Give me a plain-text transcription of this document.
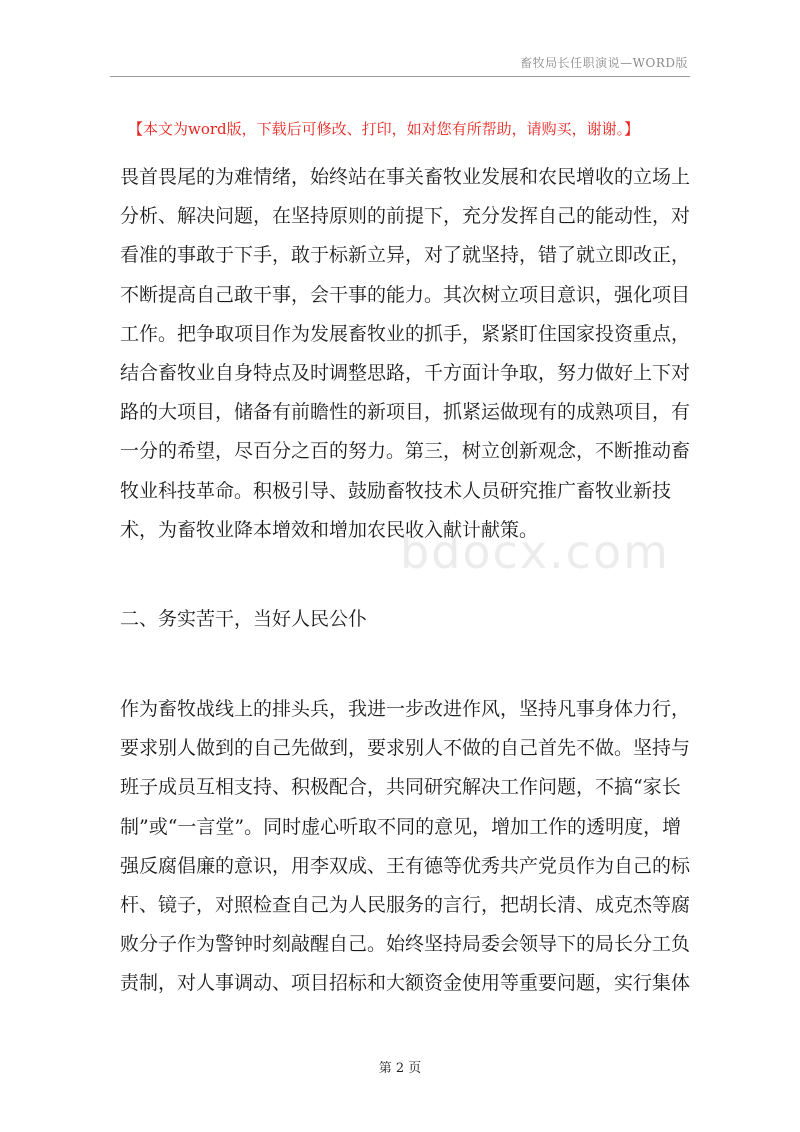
畜牧局长任职演说—WORD版
【本文为word版，下载后可修改、打印，如对您有所帮助，请购买，谢谢。】

畏首畏尾的为难情绪，始终站在事关畜牧业发展和农民增收的立场上分析、解决问题，在坚持原则的前提下，充分发挥自己的能动性，对看准的事敢于下手，敢于标新立异，对了就坚持，错了就立即改正，不断提高自己敢干事，会干事的能力。其次树立项目意识，强化项目工作。把争取项目作为发展畜牧业的抓手，紧紧盯住国家投资重点，结合畜牧业自身特点及时调整思路，千方面计争取，努力做好上下对路的大项目，储备有前瞻性的新项目，抓紧运做现有的成熟项目，有一分的希望，尽百分之百的努力。第三，树立创新观念，不断推动畜牧业科技革命。积极引导、鼓励畜牧技术人员研究推广畜牧业新技术，为畜牧业降本增效和增加农民收入献计献策。

bdocx.com

二、务实苦干，当好人民公仆

作为畜牧战线上的排头兵，我进一步改进作风，坚持凡事身体力行，要求别人做到的自己先做到，要求别人不做的自己首先不做。坚持与班子成员互相支持、积极配合，共同研究解决工作问题，不搞“家长制”或“一言堂”。同时虚心听取不同的意见，增加工作的透明度，增强反腐倡廉的意识，用李双成、王有德等优秀共产党员作为自己的标杆、镜子，对照检查自己为人民服务的言行，把胡长清、成克杰等腐败分子作为警钟时刻敲醒自己。始终坚持局委会领导下的局长分工负责制，对人事调动、项目招标和大额资金使用等重要问题，实行集体

第 2 页
